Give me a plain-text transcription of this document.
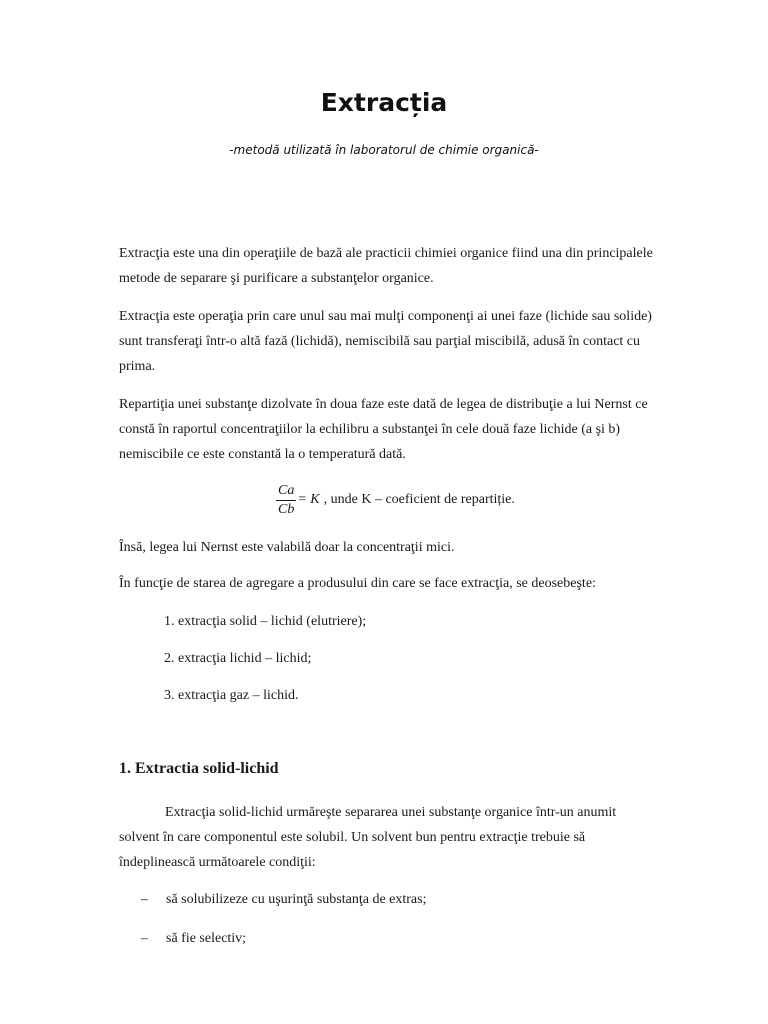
Extracția

-metodă utilizată în laboratorul de chimie organică-

Extracţia este una din operaţiile de bază ale practicii chimiei organice fiind una din principalele metode de separare şi purificare a substanţelor organice.

Extracţia este operaţia prin care unul sau mai mulţi componenţi ai unei faze (lichide sau solide) sunt transferaţi într-o altă fază (lichidă), nemiscibilă sau parţial miscibilă, adusă în contact cu prima.

Repartiţia unei substanţe dizolvate în doua faze este dată de legea de distribuţie a lui Nernst ce constă în raportul concentraţiilor la echilibru a substanţei în cele două faze lichide (a şi b) nemiscibile ce este constantă la o temperatură dată.

$\frac{Ca}{Cb} = K$ , unde K – coeficient de repartiție.

Însă, legea lui Nernst este valabilă doar la concentraţii mici.

În funcţie de starea de agregare a produsului din care se face extracţia, se deosebeşte:

1. extracţia solid – lichid (elutriere);

2. extracţia lichid – lichid;

3. extracţia gaz – lichid.

1. Extractia solid-lichid

Extracţia solid-lichid urmăreşte separarea unei substanţe organice într-un anumit solvent în care componentul este solubil. Un solvent bun pentru extracţie trebuie să îndeplinească următoarele condiţii:

–	să solubilizeze cu uşurinţă substanţa de extras;
–	să fie selectiv;
